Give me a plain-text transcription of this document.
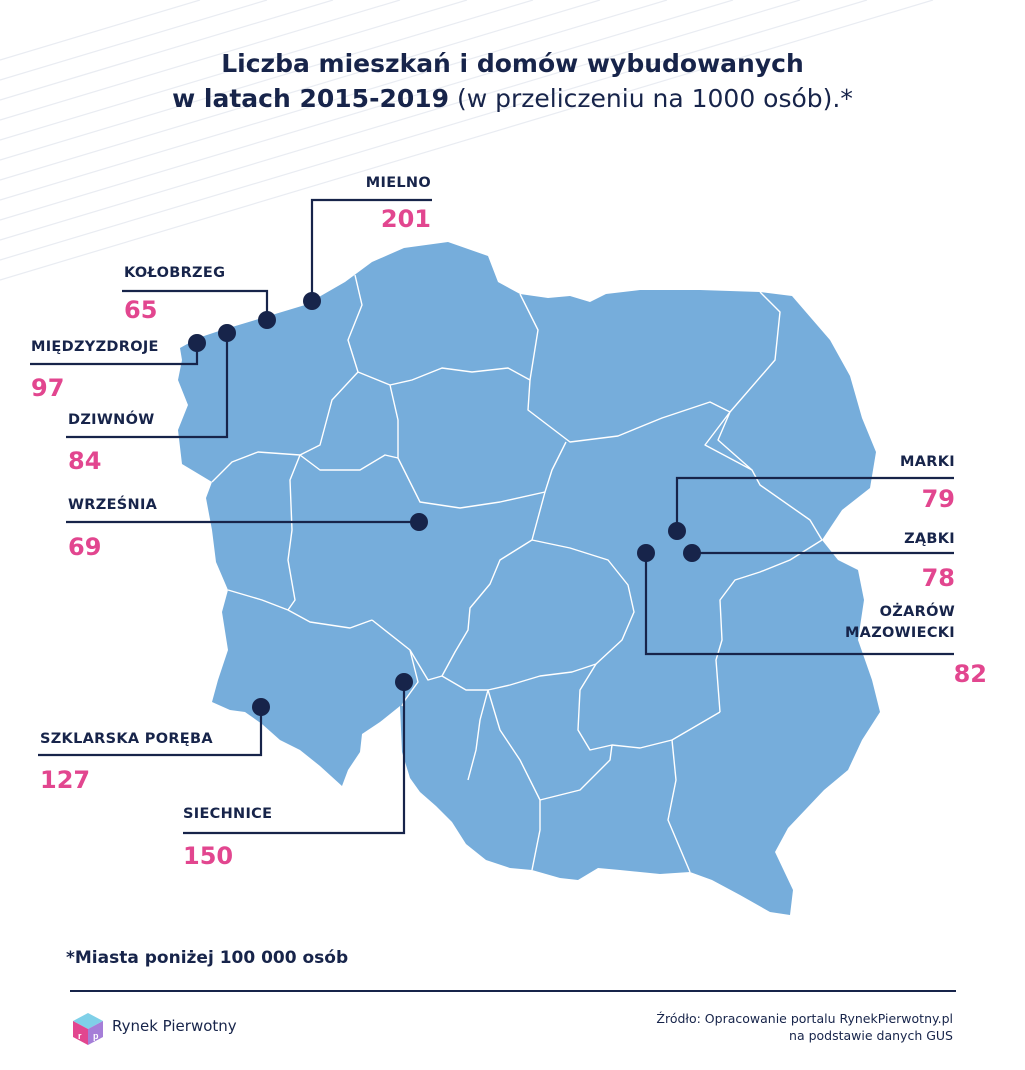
Liczba mieszkań i domów wybudowanych
w latach 2015-2019 (w przeliczeniu na 1000 osób).*
MIELNO
201
KOŁOBRZEG
65
MIĘDZYZDROJE
97
DZIWNÓW
84
WRZEŚNIA
69
SZKLARSKA PORĘBA
127
SIECHNICE
150
MARKI
79
ZĄBKI
78
OŻARÓW
MAZOWIECKI
82
*Miasta poniżej 100 000 osób
r p
Rynek Pierwotny	Źródło: Opracowanie portalu RynekPierwotny.pl
na podstawie danych GUS
